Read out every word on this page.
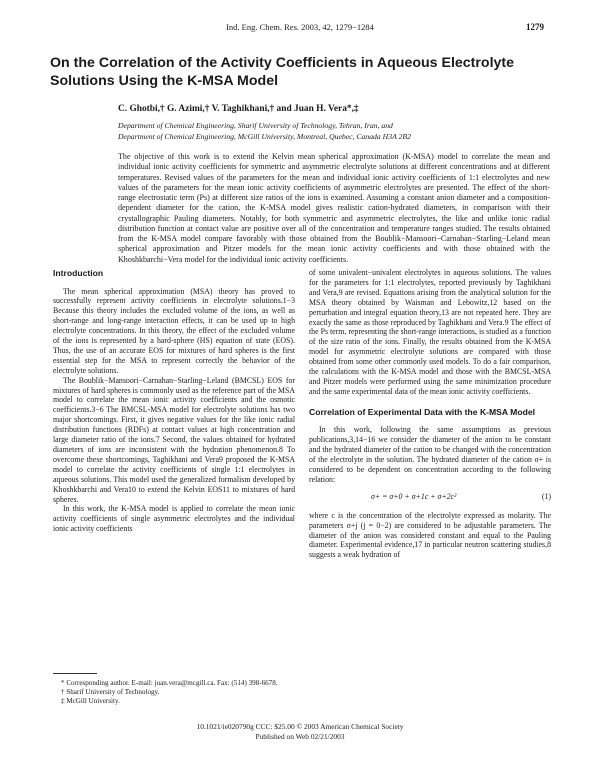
Ind. Eng. Chem. Res. 2003, 42, 1279−1284	1279
On the Correlation of the Activity Coefficients in Aqueous Electrolyte Solutions Using the K-MSA Model
C. Ghotbi,† G. Azimi,† V. Taghikhani,† and Juan H. Vera*,‡
Department of Chemical Engineering, Sharif University of Technology, Tehran, Iran, and
Department of Chemical Engineering, McGill University, Montreal, Quebec, Canada H3A 2B2
The objective of this work is to extend the Kelvin mean spherical approximation (K-MSA) model to correlate the mean and individual ionic activity coefficients for symmetric and asymmetric electrolyte solutions at different concentrations and at different temperatures. Revised values of the parameters for the mean and individual ionic activity coefficients of 1:1 electrolytes and new values of the parameters for the mean ionic activity coefficients of asymmetric electrolytes are presented. The effect of the short-range electrostatic term (Ps) at different size ratios of the ions is examined. Assuming a constant anion diameter and a composition-dependent diameter for the cation, the K-MSA model gives realistic cation-hydrated diameters, in comparison with their crystallographic Pauling diameters. Notably, for both symmetric and asymmetric electrolytes, the like and unlike ionic radial distribution function at contact value are positive over all of the concentration and temperature ranges studied. The results obtained from the K-MSA model compare favorably with those obtained from the Boublik−Mansoori−Carnahan−Starling−Leland mean spherical approximation and Pitzer models for the mean ionic activity coefficients and with those obtained with the Khoshkbarchi−Vera model for the individual ionic activity coefficients.
Introduction

The mean spherical approximation (MSA) theory has proved to successfully represent activity coefficients in electrolyte solutions.1−3 Because this theory includes the excluded volume of the ions, as well as short-range and long-range interaction effects, it can be used up to high electrolyte concentrations. In this theory, the effect of the excluded volume of the ions is represented by a hard-sphere (HS) equation of state (EOS). Thus, the use of an accurate EOS for mixtures of hard spheres is the first essential step for the MSA to represent correctly the behavior of the electrolyte solutions.

The Boublik−Mansoori−Carnahan−Starling−Leland (BMCSL) EOS for mixtures of hard spheres is commonly used as the reference part of the MSA model to correlate the mean ionic activity coefficients and the osmotic coefficients.3−6 The BMCSL-MSA model for electrolyte solutions has two major shortcomings. First, it gives negative values for the like ionic radial distribution functions (RDFs) at contact values at high concentration and large diameter ratio of the ions.7 Second, the values obtained for hydrated diameters of ions are inconsistent with the hydration phenomenon.8 To overcome these shortcomings, Taghikhani and Vera9 proposed the K-MSA model to correlate the activity coefficients of single 1:1 electrolytes in aqueous solutions. This model used the generalized formalism developed by Khoshkbarchi and Vera10 to extend the Kelvin EOS11 to mixtures of hard spheres.

In this work, the K-MSA model is applied to correlate the mean ionic activity coefficients of single asymmetric electrolytes and the individual ionic activity coefficients

of some univalent−univalent electrolytes in aqueous solutions. The values for the parameters for 1:1 electrolytes, reported previously by Taghikhani and Vera,9 are revised. Equations arising from the analytical solution for the MSA theory obtained by Waisman and Lebowitz,12 based on the perturbation and integral equation theory,13 are not repeated here. They are exactly the same as those reproduced by Taghikhani and Vera.9 The effect of the Ps term, representing the short-range interactions, is studied as a function of the size ratio of the ions. Finally, the results obtained from the K-MSA model for asymmetric electrolyte solutions are compared with those obtained from some other commonly used models. To do a fair comparison, the calculations with the K-MSA model and those with the BMCSL-MSA and Pitzer models were performed using the same minimization procedure and the same experimental data of the mean ionic activity coefficients.

Correlation of Experimental Data with the K-MSA Model

In this work, following the same assumptions as previous publications,3,14−16 we consider the diameter of the anion to be constant and the hydrated diameter of the cation to be changed with the concentration of the electrolyte in the solution. The hydrated diameter of the cation σ+ is considered to be dependent on concentration according to the following relation:

σ+ = σ+0 + σ+1c + σ+2c²	(1)

where c is the concentration of the electrolyte expressed as molarity. The parameters σ+j (j = 0−2) are considered to be adjustable parameters. The diameter of the anion was considered constant and equal to the Pauling diameter. Experimental evidence,17 in particular neutron scattering studies,8 suggests a weak hydration of

* Corresponding author. E-mail: juan.vera@mcgill.ca. Fax: (514) 398-6678.
† Sharif University of Technology.
‡ McGill University.
10.1021/ie020790g CCC: $25.00 © 2003 American Chemical Society
Published on Web 02/21/2003
